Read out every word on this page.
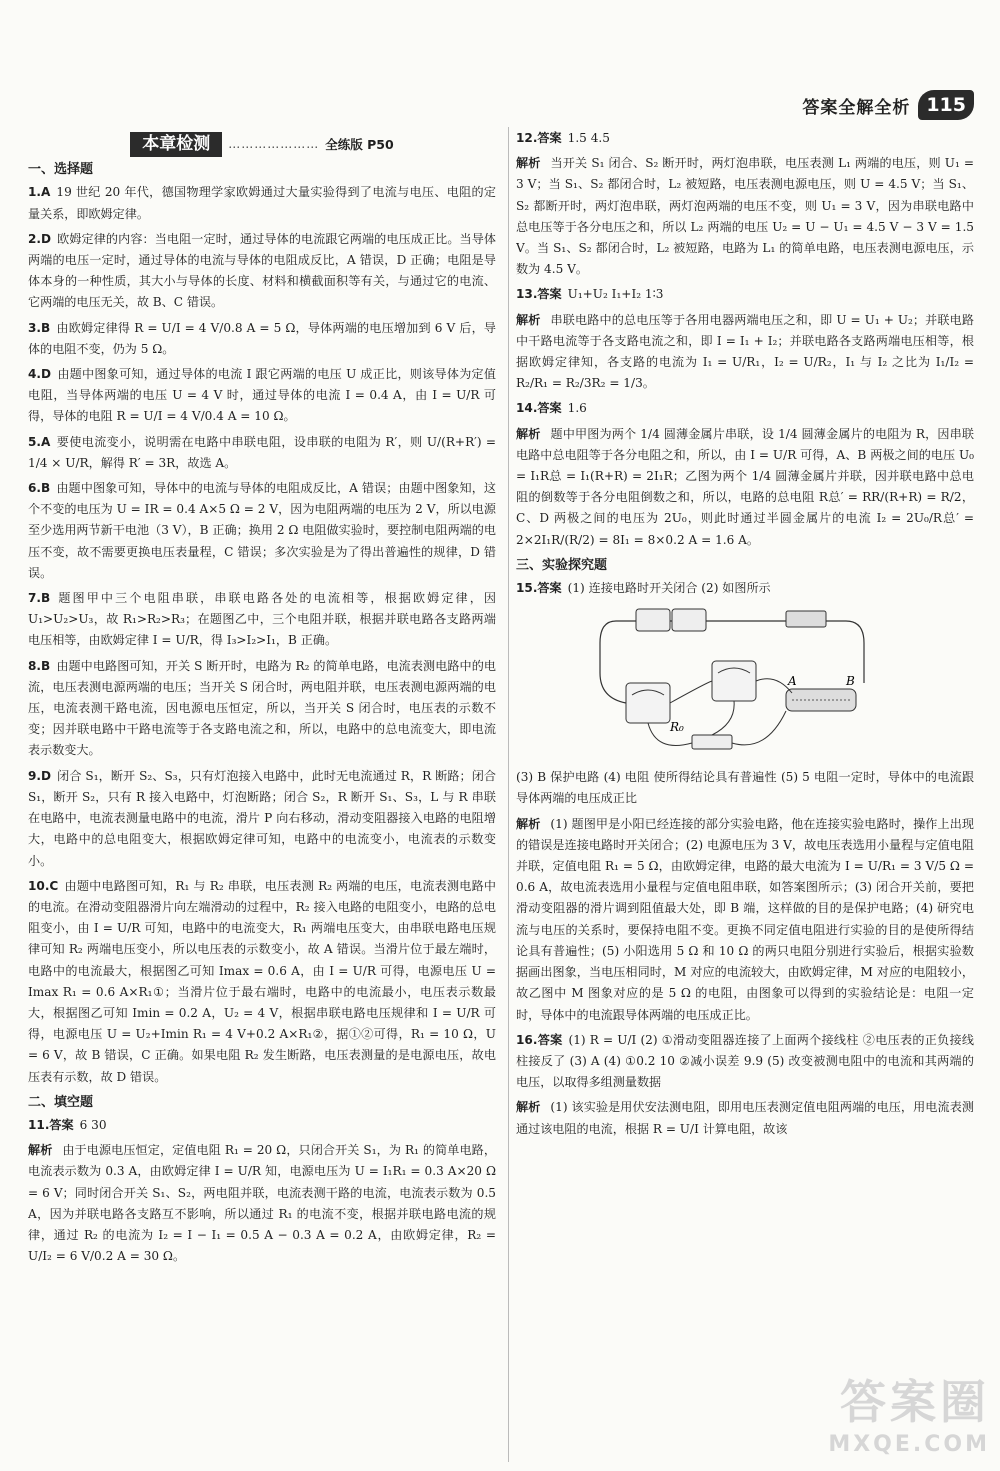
答案全解全析 115
本章检测	………………… 全练版 P50
一、选择题
1.A 19 世纪 20 年代，德国物理学家欧姆通过大量实验得到了电流与电压、电阻的定量关系，即欧姆定律。
2.D 欧姆定律的内容：当电阻一定时，通过导体的电流跟它两端的电压成正比。当导体两端的电压一定时，通过导体的电流与导体的电阻成反比，A 错误，D 正确；电阻是导体本身的一种性质，其大小与导体的长度、材料和横截面积等有关，与通过它的电流、它两端的电压无关，故 B、C 错误。
3.B 由欧姆定律得 R = U/I = 4 V/0.8 A = 5 Ω，导体两端的电压增加到 6 V 后，导体的电阻不变，仍为 5 Ω。
4.D 由题中图象可知，通过导体的电流 I 跟它两端的电压 U 成正比，则该导体为定值电阻，当导体两端的电压 U = 4 V 时，通过导体的电流 I = 0.4 A，由 I = U/R 可得，导体的电阻 R = U/I = 4 V/0.4 A = 10 Ω。
5.A 要使电流变小，说明需在电路中串联电阻，设串联的电阻为 R′，则 U/(R+R′) = 1/4 × U/R，解得 R′ = 3R，故选 A。
6.B 由题中图象可知，导体中的电流与导体的电阻成反比，A 错误；由题中图象知，这个不变的电压为 U = IR = 0.4 A×5 Ω = 2 V，因为电阻两端的电压为 2 V，所以电源至少选用两节新干电池（3 V），B 正确；换用 2 Ω 电阻做实验时，要控制电阻两端的电压不变，故不需要更换电压表量程，C 错误；多次实验是为了得出普遍性的规律，D 错误。
7.B 题图甲中三个电阻串联，串联电路各处的电流相等，根据欧姆定律，因 U₁>U₂>U₃，故 R₁>R₂>R₃；在题图乙中，三个电阻并联，根据并联电路各支路两端电压相等，由欧姆定律 I = U/R，得 I₃>I₂>I₁，B 正确。
8.B 由题中电路图可知，开关 S 断开时，电路为 R₂ 的简单电路，电流表测电路中的电流，电压表测电源两端的电压；当开关 S 闭合时，两电阻并联，电压表测电源两端的电压，电流表测干路电流，因电源电压恒定，所以，当开关 S 闭合时，电压表的示数不变；因并联电路中干路电流等于各支路电流之和，所以，电路中的总电流变大，即电流表示数变大。
9.D 闭合 S₁，断开 S₂、S₃，只有灯泡接入电路中，此时无电流通过 R，R 断路；闭合 S₁，断开 S₂，只有 R 接入电路中，灯泡断路；闭合 S₂，R 断开 S₁、S₃，L 与 R 串联在电路中，电流表测量电路中的电流，滑片 P 向右移动，滑动变阻器接入电路的电阻增大，电路中的总电阻变大，根据欧姆定律可知，电路中的电流变小，电流表的示数变小。
10.C 由题中电路图可知，R₁ 与 R₂ 串联，电压表测 R₂ 两端的电压，电流表测电路中的电流。在滑动变阻器滑片向左端滑动的过程中，R₂ 接入电路的电阻变小，电路的总电阻变小，由 I = U/R 可知，电路中的电流变大，R₁ 两端电压变大，由串联电路电压规律可知 R₂ 两端电压变小，所以电压表的示数变小，故 A 错误。当滑片位于最左端时，电路中的电流最大，根据图乙可知 Imax = 0.6 A，由 I = U/R 可得，电源电压 U = Imax R₁ = 0.6 A×R₁①；当滑片位于最右端时，电路中的电流最小，电压表示数最大，根据图乙可知 Imin = 0.2 A，U₂ = 4 V，根据串联电路电压规律和 I = U/R 可得，电源电压 U = U₂+Imin R₁ = 4 V+0.2 A×R₁②，据①②可得，R₁ = 10 Ω，U = 6 V，故 B 错误，C 正确。如果电阻 R₂ 发生断路，电压表测量的是电源电压，故电压表有示数，故 D 错误。
二、填空题
11.答案 6 30
解析 由于电源电压恒定，定值电阻 R₁ = 20 Ω，只闭合开关 S₁，为 R₁ 的简单电路，电流表示数为 0.3 A，由欧姆定律 I = U/R 知，电源电压为 U = I₁R₁ = 0.3 A×20 Ω = 6 V；同时闭合开关 S₁、S₂，两电阻并联，电流表测干路的电流，电流表示数为 0.5 A，因为并联电路各支路互不影响，所以通过 R₁ 的电流不变，根据并联电路电流的规律，通过 R₂ 的电流为 I₂ = I − I₁ = 0.5 A − 0.3 A = 0.2 A，由欧姆定律，R₂ = U/I₂ = 6 V/0.2 A = 30 Ω。
12.答案 1.5 4.5
解析 当开关 S₁ 闭合、S₂ 断开时，两灯泡串联，电压表测 L₁ 两端的电压，则 U₁ = 3 V；当 S₁、S₂ 都闭合时，L₂ 被短路，电压表测电源电压，则 U = 4.5 V；当 S₁、S₂ 都断开时，两灯泡串联，两灯泡两端的电压不变，则 U₁ = 3 V，因为串联电路中总电压等于各分电压之和，所以 L₂ 两端的电压 U₂ = U − U₁ = 4.5 V − 3 V = 1.5 V。当 S₁、S₂ 都闭合时，L₂ 被短路，电路为 L₁ 的简单电路，电压表测电源电压，示数为 4.5 V。
13.答案 U₁+U₂ I₁+I₂ 1∶3
解析 串联电路中的总电压等于各用电器两端电压之和，即 U = U₁ + U₂；并联电路中干路电流等于各支路电流之和，即 I = I₁ + I₂；并联电路各支路两端电压相等，根据欧姆定律知，各支路的电流为 I₁ = U/R₁，I₂ = U/R₂，I₁ 与 I₂ 之比为 I₁/I₂ = R₂/R₁ = R₂/3R₂ = 1/3。
14.答案 1.6
解析 题中甲图为两个 1/4 圆薄金属片串联，设 1/4 圆薄金属片的电阻为 R，因串联电路中总电阻等于各分电阻之和，所以，由 I = U/R 可得，A、B 两极之间的电压 U₀ = I₁R总 = I₁(R+R) = 2I₁R；乙图为两个 1/4 圆薄金属片并联，因并联电路中总电阻的倒数等于各分电阻倒数之和，所以，电路的总电阻 R总′ = RR/(R+R) = R/2，C、D 两极之间的电压为 2U₀，则此时通过半圆金属片的电流 I₂ = 2U₀/R总′ = 2×2I₁R/(R/2) = 8I₁ = 8×0.2 A = 1.6 A。
三、实验探究题
15.答案 (1) 连接电路时开关闭合 (2) 如图所示
A	B
R₀
(3) B 保护电路 (4) 电阻 使所得结论具有普遍性 (5) 5 电阻一定时，导体中的电流跟导体两端的电压成正比
解析 (1) 题图甲是小阳已经连接的部分实验电路，他在连接实验电路时，操作上出现的错误是连接电路时开关闭合；(2) 电源电压为 3 V，故电压表选用小量程与定值电阻并联，定值电阻 R₁ = 5 Ω，由欧姆定律，电路的最大电流为 I = U/R₁ = 3 V/5 Ω = 0.6 A，故电流表选用小量程与定值电阻串联，如答案图所示；(3) 闭合开关前，要把滑动变阻器的滑片调到阻值最大处，即 B 端，这样做的目的是保护电路；(4) 研究电流与电压的关系时，要保持电阻不变。更换不同定值电阻进行实验的目的是使所得结论具有普遍性；(5) 小阳选用 5 Ω 和 10 Ω 的两只电阻分别进行实验后，根据实验数据画出图象，当电压相同时，M 对应的电流较大，由欧姆定律，M 对应的电阻较小，故乙图中 M 图象对应的是 5 Ω 的电阻，由图象可以得到的实验结论是：电阻一定时，导体中的电流跟导体两端的电压成正比。
16.答案 (1) R = U/I (2) ①滑动变阻器连接了上面两个接线柱 ②电压表的正负接线柱接反了 (3) A (4) ①0.2 10 ②减小误差 9.9 (5) 改变被测电阻中的电流和其两端的电压，以取得多组测量数据
解析 (1) 该实验是用伏安法测电阻，即用电压表测定值电阻两端的电压，用电流表测通过该电阻的电流，根据 R = U/I 计算电阻，故该
答案圈
MXQE.COM
